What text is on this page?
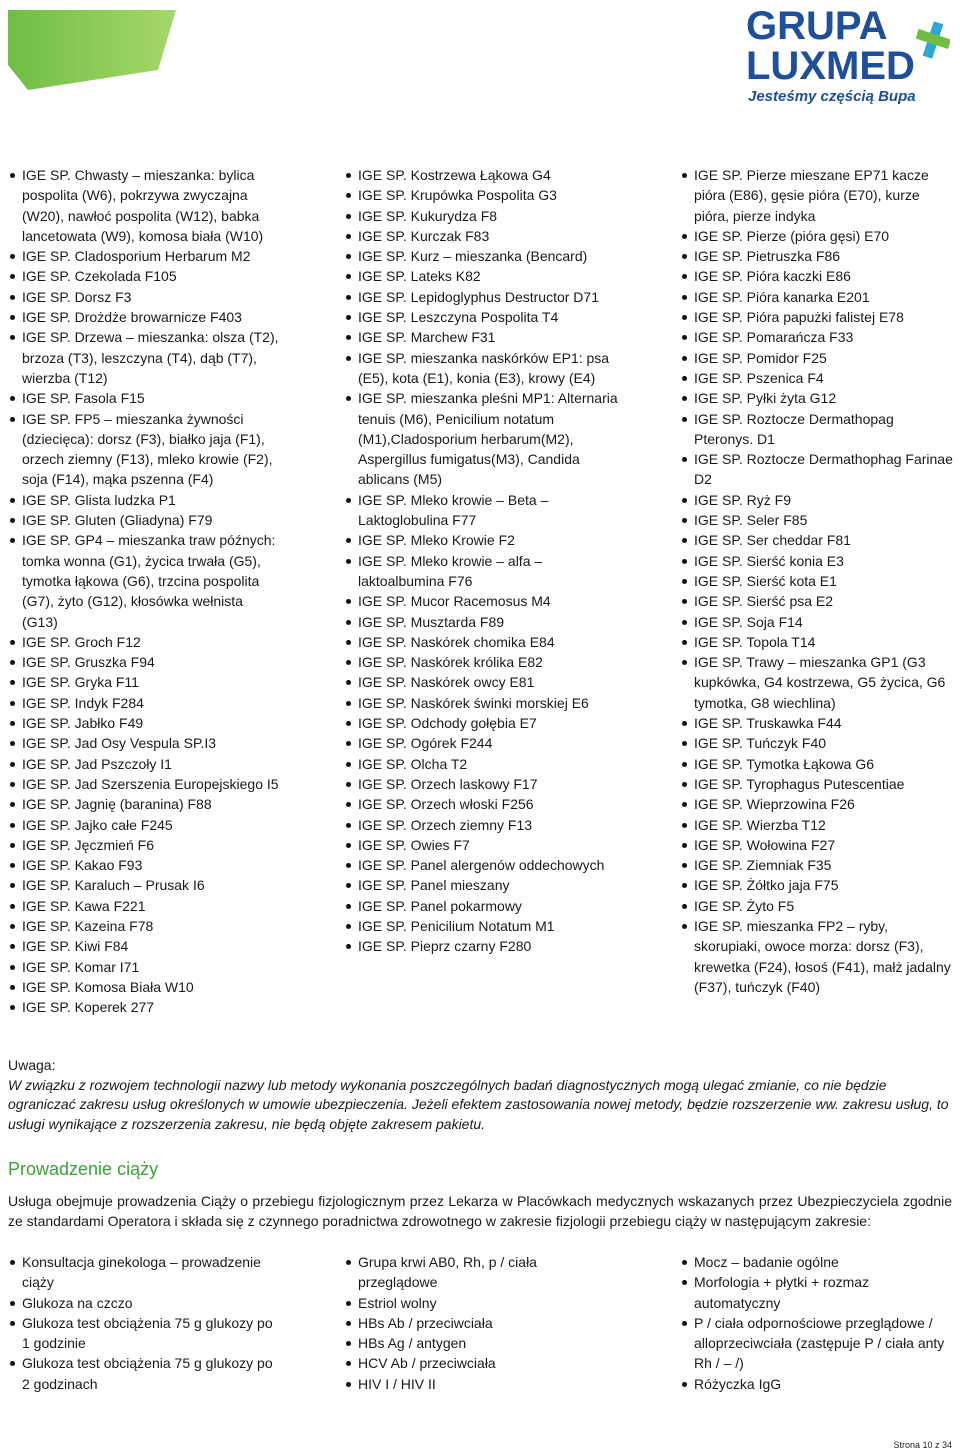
GRUPA
LUXMED
Jesteśmy częścią Bupa
IGE SP. Chwasty – mieszanka: bylica pospolita (W6), pokrzywa zwyczajna (W20), nawłoć pospolita (W12), babka lancetowata (W9), komosa biała (W10)
IGE SP. Cladosporium Herbarum M2
IGE SP. Czekolada F105
IGE SP. Dorsz F3
IGE SP. Drożdże browarnicze F403
IGE SP. Drzewa – mieszanka: olsza (T2), brzoza (T3), leszczyna (T4), dąb (T7), wierzba (T12)
IGE SP. Fasola F15
IGE SP. FP5 – mieszanka żywności (dziecięca): dorsz (F3), białko jaja (F1), orzech ziemny (F13), mleko krowie (F2), soja (F14), mąka pszenna (F4)
IGE SP. Glista ludzka P1
IGE SP. Gluten (Gliadyna) F79
IGE SP. GP4 – mieszanka traw późnych: tomka wonna (G1), życica trwała (G5), tymotka łąkowa (G6), trzcina pospolita (G7), żyto (G12), kłosówka wełnista (G13)
IGE SP. Groch F12
IGE SP. Gruszka F94
IGE SP. Gryka F11
IGE SP. Indyk F284
IGE SP. Jabłko F49
IGE SP. Jad Osy Vespula SP.I3
IGE SP. Jad Pszczoły I1
IGE SP. Jad Szerszenia Europejskiego I5
IGE SP. Jagnię (baranina) F88
IGE SP. Jajko całe F245
IGE SP. Jęczmień F6
IGE SP. Kakao F93
IGE SP. Karaluch – Prusak I6
IGE SP. Kawa F221
IGE SP. Kazeina F78
IGE SP. Kiwi F84
IGE SP. Komar I71
IGE SP. Komosa Biała W10
IGE SP. Koperek 277
IGE SP. Kostrzewa Łąkowa G4
IGE SP. Krupówka Pospolita G3
IGE SP. Kukurydza F8
IGE SP. Kurczak F83
IGE SP. Kurz – mieszanka (Bencard)
IGE SP. Lateks K82
IGE SP. Lepidoglyphus Destructor D71
IGE SP. Leszczyna Pospolita T4
IGE SP. Marchew F31
IGE SP. mieszanka naskórków EP1: psa (E5), kota (E1), konia (E3), krowy (E4)
IGE SP. mieszanka pleśni MP1: Alternaria tenuis (M6), Penicilium notatum (M1),Cladosporium herbarum(M2), Aspergillus fumigatus(M3), Candida ablicans (M5)
IGE SP. Mleko krowie – Beta – Laktoglobulina F77
IGE SP. Mleko Krowie F2
IGE SP. Mleko krowie – alfa – laktoalbumina F76
IGE SP. Mucor Racemosus M4
IGE SP. Musztarda F89
IGE SP. Naskórek chomika E84
IGE SP. Naskórek królika E82
IGE SP. Naskórek owcy E81
IGE SP. Naskórek świnki morskiej E6
IGE SP. Odchody gołębia E7
IGE SP. Ogórek F244
IGE SP. Olcha T2
IGE SP. Orzech laskowy F17
IGE SP. Orzech włoski F256
IGE SP. Orzech ziemny F13
IGE SP. Owies F7
IGE SP. Panel alergenów oddechowych
IGE SP. Panel mieszany
IGE SP. Panel pokarmowy
IGE SP. Penicilium Notatum M1
IGE SP. Pieprz czarny F280
IGE SP. Pierze mieszane EP71 kacze pióra (E86), gęsie pióra (E70), kurze pióra, pierze indyka
IGE SP. Pierze (pióra gęsi) E70
IGE SP. Pietruszka F86
IGE SP. Pióra kaczki E86
IGE SP. Pióra kanarka E201
IGE SP. Pióra papużki falistej E78
IGE SP. Pomarańcza F33
IGE SP. Pomidor F25
IGE SP. Pszenica F4
IGE SP. Pyłki żyta G12
IGE SP. Roztocze Dermathopag Pteronys. D1
IGE SP. Roztocze Dermathophag Farinae D2
IGE SP. Ryż F9
IGE SP. Seler F85
IGE SP. Ser cheddar F81
IGE SP. Sierść konia E3
IGE SP. Sierść kota E1
IGE SP. Sierść psa E2
IGE SP. Soja F14
IGE SP. Topola T14
IGE SP. Trawy – mieszanka GP1 (G3 kupkówka, G4 kostrzewa, G5 życica, G6 tymotka, G8 wiechlina)
IGE SP. Truskawka F44
IGE SP. Tuńczyk F40
IGE SP. Tymotka Łąkowa G6
IGE SP. Tyrophagus Putescentiae
IGE SP. Wieprzowina F26
IGE SP. Wierzba T12
IGE SP. Wołowina F27
IGE SP. Ziemniak F35
IGE SP. Żółtko jaja F75
IGE SP. Żyto F5
IGE SP. mieszanka FP2 – ryby, skorupiaki, owoce morza: dorsz (F3), krewetka (F24), łosoś (F41), małż jadalny (F37), tuńczyk (F40)

Uwaga:

W związku z rozwojem technologii nazwy lub metody wykonania poszczególnych badań diagnostycznych mogą ulegać zmianie, co nie będzie ograniczać zakresu usług określonych w umowie ubezpieczenia. Jeżeli efektem zastosowania nowej metody, będzie rozszerzenie ww. zakresu usług, to usługi wynikające z rozszerzenia zakresu, nie będą objęte zakresem pakietu.

Prowadzenie ciąży

Usługa obejmuje prowadzenia Ciąży o przebiegu fizjologicznym przez Lekarza w Placówkach medycznych wskazanych przez Ubezpieczyciela zgodnie ze standardami Operatora i składa się z czynnego poradnictwa zdrowotnego w zakresie fizjologii przebiegu ciąży w następującym zakresie:

Konsultacja ginekologa – prowadzenie ciąży
Glukoza na czczo
Glukoza test obciążenia 75 g glukozy po 1 godzinie
Glukoza test obciążenia 75 g glukozy po 2 godzinach
Grupa krwi AB0, Rh, p / ciała przeglądowe
Estriol wolny
HBs Ab / przeciwciała
HBs Ag / antygen
HCV Ab / przeciwciała
HIV I / HIV II
Mocz – badanie ogólne
Morfologia + płytki + rozmaz automatyczny
P / ciała odpornościowe przeglądowe / alloprzeciwciała (zastępuje P / ciała anty Rh / – /)
Różyczka IgG
Strona 10 z 34
